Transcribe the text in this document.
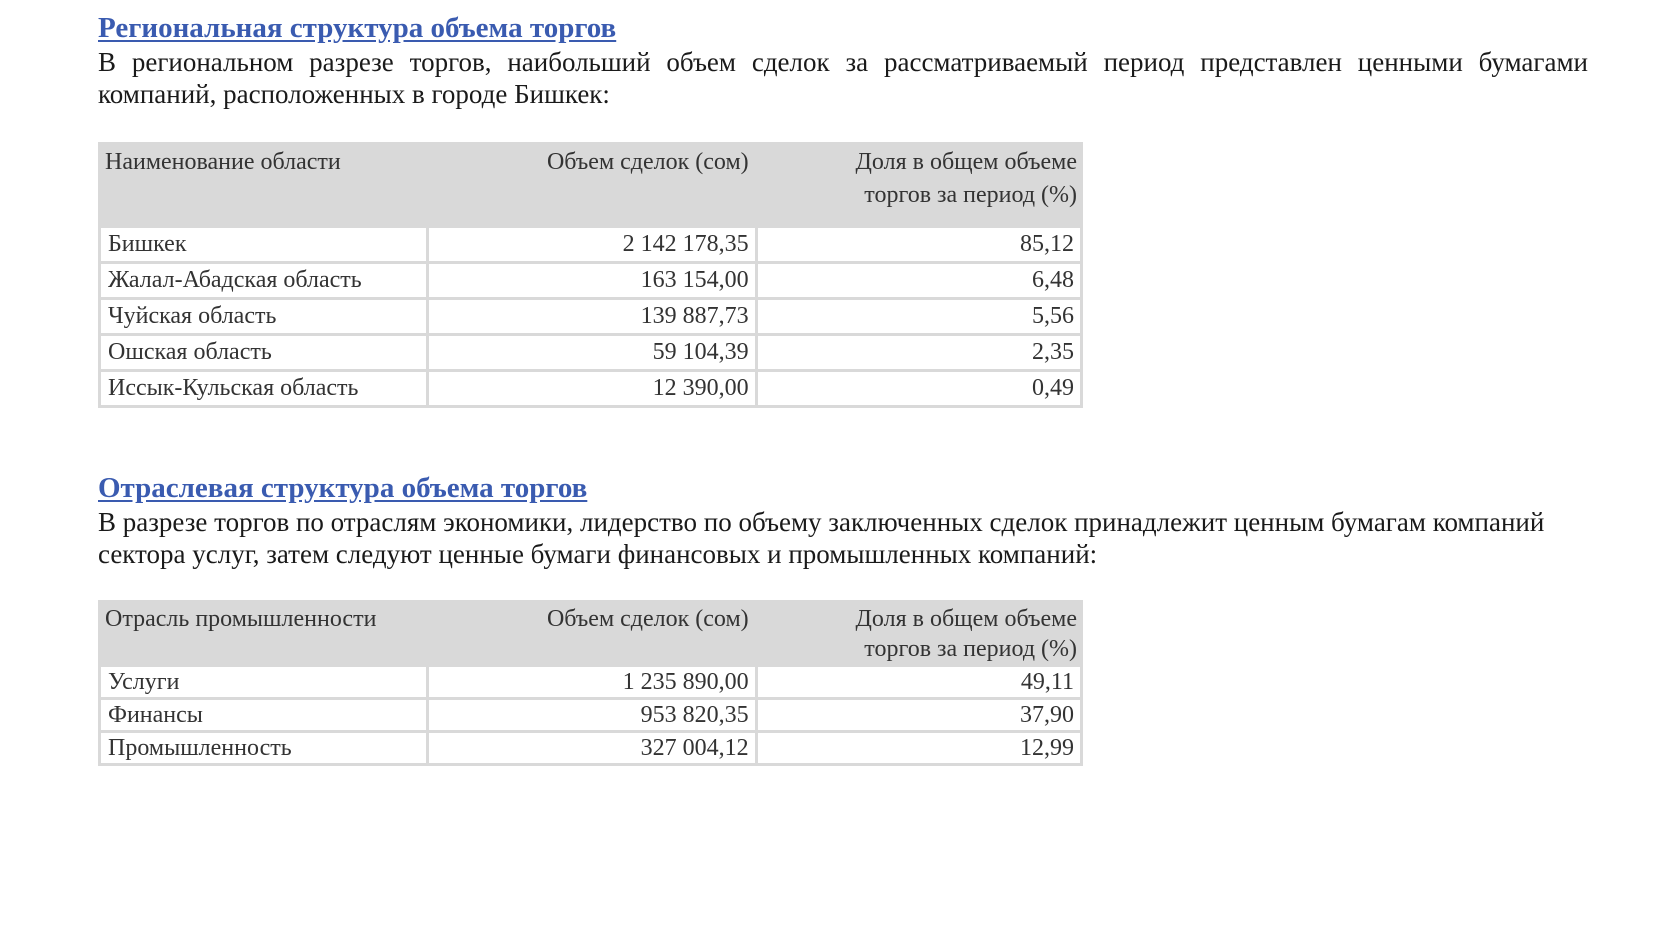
Региональная структура объема торгов

В региональном разрезе торгов, наибольший объем сделок за рассматриваемый период представлен ценными бумагами компаний, расположенных в городе Бишкек:

Наименование области	Объем сделок (сом)	Доля в общем объеме торгов за период (%)
Бишкек	2 142 178,35	85,12
Жалал-Абадская область	163 154,00	6,48
Чуйская область	139 887,73	5,56
Ошская область	59 104,39	2,35
Иссык-Кульская область	12 390,00	0,49
Отраслевая структура объема торгов

В разрезе торгов по отраслям экономики, лидерство по объему заключенных сделок принадлежит ценным бумагам компаний сектора услуг, затем следуют ценные бумаги финансовых и промышленных компаний:

Отрасль промышленности	Объем сделок (сом)	Доля в общем объеме торгов за период (%)
Услуги	1 235 890,00	49,11
Финансы	953 820,35	37,90
Промышленность	327 004,12	12,99
